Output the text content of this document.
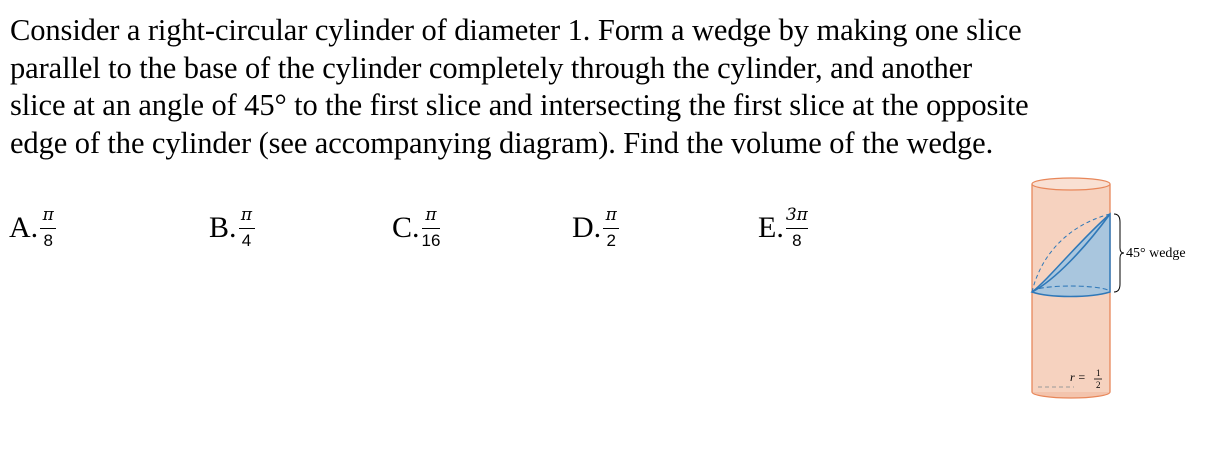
Consider a right-circular cylinder of diameter 1. Form a wedge by making one slice
parallel to the base of the cylinder completely through the cylinder, and another
slice at an angle of 45° to the first slice and intersecting the first slice at the opposite
edge of the cylinder (see accompanying diagram). Find the volume of the wedge.
A. $\frac{\pi}{8}$	B. $\frac{\pi}{4}$	C. $\frac{\pi}{16}$	D. $\frac{\pi}{2}$	E. $\frac{3\pi}{8}$
45° wedge
r = 1
2
